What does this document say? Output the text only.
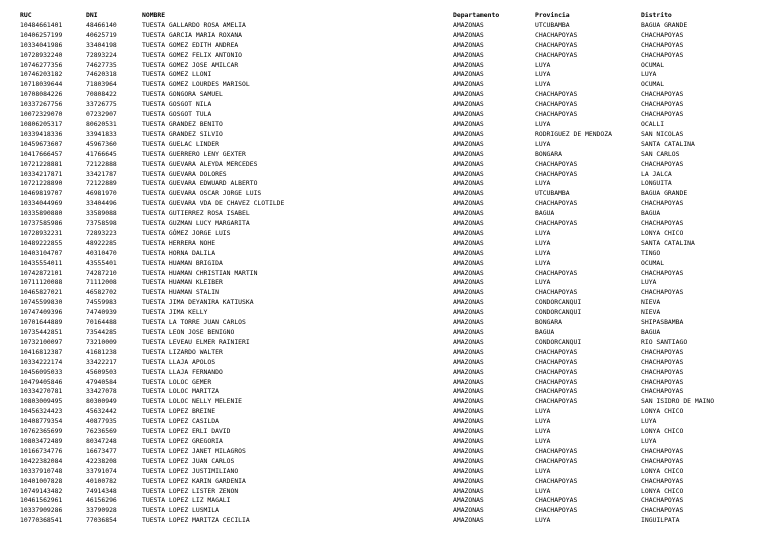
RUC	DNI	NOMBRE	Departamento	Provincia	Distrito
10484661401	48466140	TUESTA GALLARDO ROSA AMELIA	AMAZONAS	UTCUBAMBA	BAGUA GRANDE
10406257199	40625719	TUESTA GARCIA MARIA ROXANA	AMAZONAS	CHACHAPOYAS	CHACHAPOYAS
10334041986	33404198	TUESTA GOMEZ EDITH ANDREA	AMAZONAS	CHACHAPOYAS	CHACHAPOYAS
10728932240	72893224	TUESTA GOMEZ FELIX ANTONIO	AMAZONAS	CHACHAPOYAS	CHACHAPOYAS
10746277356	74627735	TUESTA GOMEZ JOSE AMILCAR	AMAZONAS	LUYA	OCUMAL
10746203182	74620318	TUESTA GOMEZ LLONI	AMAZONAS	LUYA	LUYA
10718039644	71803964	TUESTA GOMEZ LOURDES MARISOL	AMAZONAS	LUYA	OCUMAL
10708084226	70808422	TUESTA GONGORA SAMUEL	AMAZONAS	CHACHAPOYAS	CHACHAPOYAS
10337267756	33726775	TUESTA GOSGOT NILA	AMAZONAS	CHACHAPOYAS	CHACHAPOYAS
10072329070	07232907	TUESTA GOSGOT TULA	AMAZONAS	CHACHAPOYAS	CHACHAPOYAS
10806205317	80620531	TUESTA GRANDEZ BENITO	AMAZONAS	LUYA	OCALLI
10339418336	33941833	TUESTA GRANDEZ SILVIO	AMAZONAS	RODRIGUEZ DE MENDOZA	SAN NICOLAS
10459673607	45967360	TUESTA GUELAC LINDER	AMAZONAS	LUYA	SANTA CATALINA
10417666457	41766645	TUESTA GUERRERO LENY GEXTER	AMAZONAS	BONGARA	SAN CARLOS
10721228881	72122888	TUESTA GUEVARA ALEYDA MERCEDES	AMAZONAS	CHACHAPOYAS	CHACHAPOYAS
10334217871	33421787	TUESTA GUEVARA DOLORES	AMAZONAS	CHACHAPOYAS	LA JALCA
10721228890	72122889	TUESTA GUEVARA EDWUARD ALBERTO	AMAZONAS	LUYA	LONGUITA
10469819707	46981970	TUESTA GUEVARA OSCAR JORGE LUIS	AMAZONAS	UTCUBAMBA	BAGUA GRANDE
10334044969	33404496	TUESTA GUEVARA VDA DE CHAVEZ CLOTILDE	AMAZONAS	CHACHAPOYAS	CHACHAPOYAS
10335890880	33589088	TUESTA GUTIERREZ ROSA ISABEL	AMAZONAS	BAGUA	BAGUA
10737585986	73758598	TUESTA GUZMAN LUCY MARGARITA	AMAZONAS	CHACHAPOYAS	CHACHAPOYAS
10728932231	72893223	TUESTA GÓMEZ JORGE LUIS	AMAZONAS	LUYA	LONYA CHICO
10489222855	48922285	TUESTA HERRERA NOHE	AMAZONAS	LUYA	SANTA CATALINA
10403104707	40310470	TUESTA HORNA DALILA	AMAZONAS	LUYA	TINGO
10435554011	43555401	TUESTA HUAMAN BRIGIDA	AMAZONAS	LUYA	OCUMAL
10742872101	74287210	TUESTA HUAMAN CHRISTIAN MARTIN	AMAZONAS	CHACHAPOYAS	CHACHAPOYAS
10711120088	71112008	TUESTA HUAMAN KLEIBER	AMAZONAS	LUYA	LUYA
10465827021	46582702	TUESTA HUAMAN STALIN	AMAZONAS	CHACHAPOYAS	CHACHAPOYAS
10745599830	74559983	TUESTA JIMA DEYANIRA KATIUSKA	AMAZONAS	CONDORCANQUI	NIEVA
10747409396	74740939	TUESTA JIMA KELLY	AMAZONAS	CONDORCANQUI	NIEVA
10701644889	70164488	TUESTA LA TORRE JUAN CARLOS	AMAZONAS	BONGARA	SHIPASBAMBA
10735442851	73544285	TUESTA LEON JOSE BENIGNO	AMAZONAS	BAGUA	BAGUA
10732100097	73210009	TUESTA LEVEAU ELMER RAINIERI	AMAZONAS	CONDORCANQUI	RIO SANTIAGO
10416812387	41681238	TUESTA LIZARDO WALTER	AMAZONAS	CHACHAPOYAS	CHACHAPOYAS
10334222174	33422217	TUESTA LLAJA APOLOS	AMAZONAS	CHACHAPOYAS	CHACHAPOYAS
10456095033	45609503	TUESTA LLAJA FERNANDO	AMAZONAS	CHACHAPOYAS	CHACHAPOYAS
10479405846	47940584	TUESTA LOLOC GEMER	AMAZONAS	CHACHAPOYAS	CHACHAPOYAS
10334270781	33427078	TUESTA LOLOC MARITZA	AMAZONAS	CHACHAPOYAS	CHACHAPOYAS
10803009495	80300949	TUESTA LOLOC NELLY MELENIE	AMAZONAS	CHACHAPOYAS	SAN ISIDRO DE MAINO
10456324423	45632442	TUESTA LOPEZ BREINE	AMAZONAS	LUYA	LONYA CHICO
10408779354	40877935	TUESTA LOPEZ CASILDA	AMAZONAS	LUYA	LUYA
10762365699	76236569	TUESTA LOPEZ ERLI DAVID	AMAZONAS	LUYA	LONYA CHICO
10803472489	80347248	TUESTA LOPEZ GREGORIA	AMAZONAS	LUYA	LUYA
10166734776	16673477	TUESTA LOPEZ JANET MILAGROS	AMAZONAS	CHACHAPOYAS	CHACHAPOYAS
10422382084	42238208	TUESTA LOPEZ JUAN CARLOS	AMAZONAS	CHACHAPOYAS	CHACHAPOYAS
10337910748	33791074	TUESTA LOPEZ JUSTIMILIANO	AMAZONAS	LUYA	LONYA CHICO
10401007828	40100782	TUESTA LOPEZ KARIN GARDENIA	AMAZONAS	CHACHAPOYAS	CHACHAPOYAS
10749143482	74914348	TUESTA LOPEZ LISTER ZENON	AMAZONAS	LUYA	LONYA CHICO
10461562961	46156296	TUESTA LOPEZ LIZ MAGALI	AMAZONAS	CHACHAPOYAS	CHACHAPOYAS
10337909286	33790928	TUESTA LOPEZ LUSMILA	AMAZONAS	CHACHAPOYAS	CHACHAPOYAS
10770368541	77036854	TUESTA LOPEZ MARITZA CECILIA	AMAZONAS	LUYA	INGUILPATA
